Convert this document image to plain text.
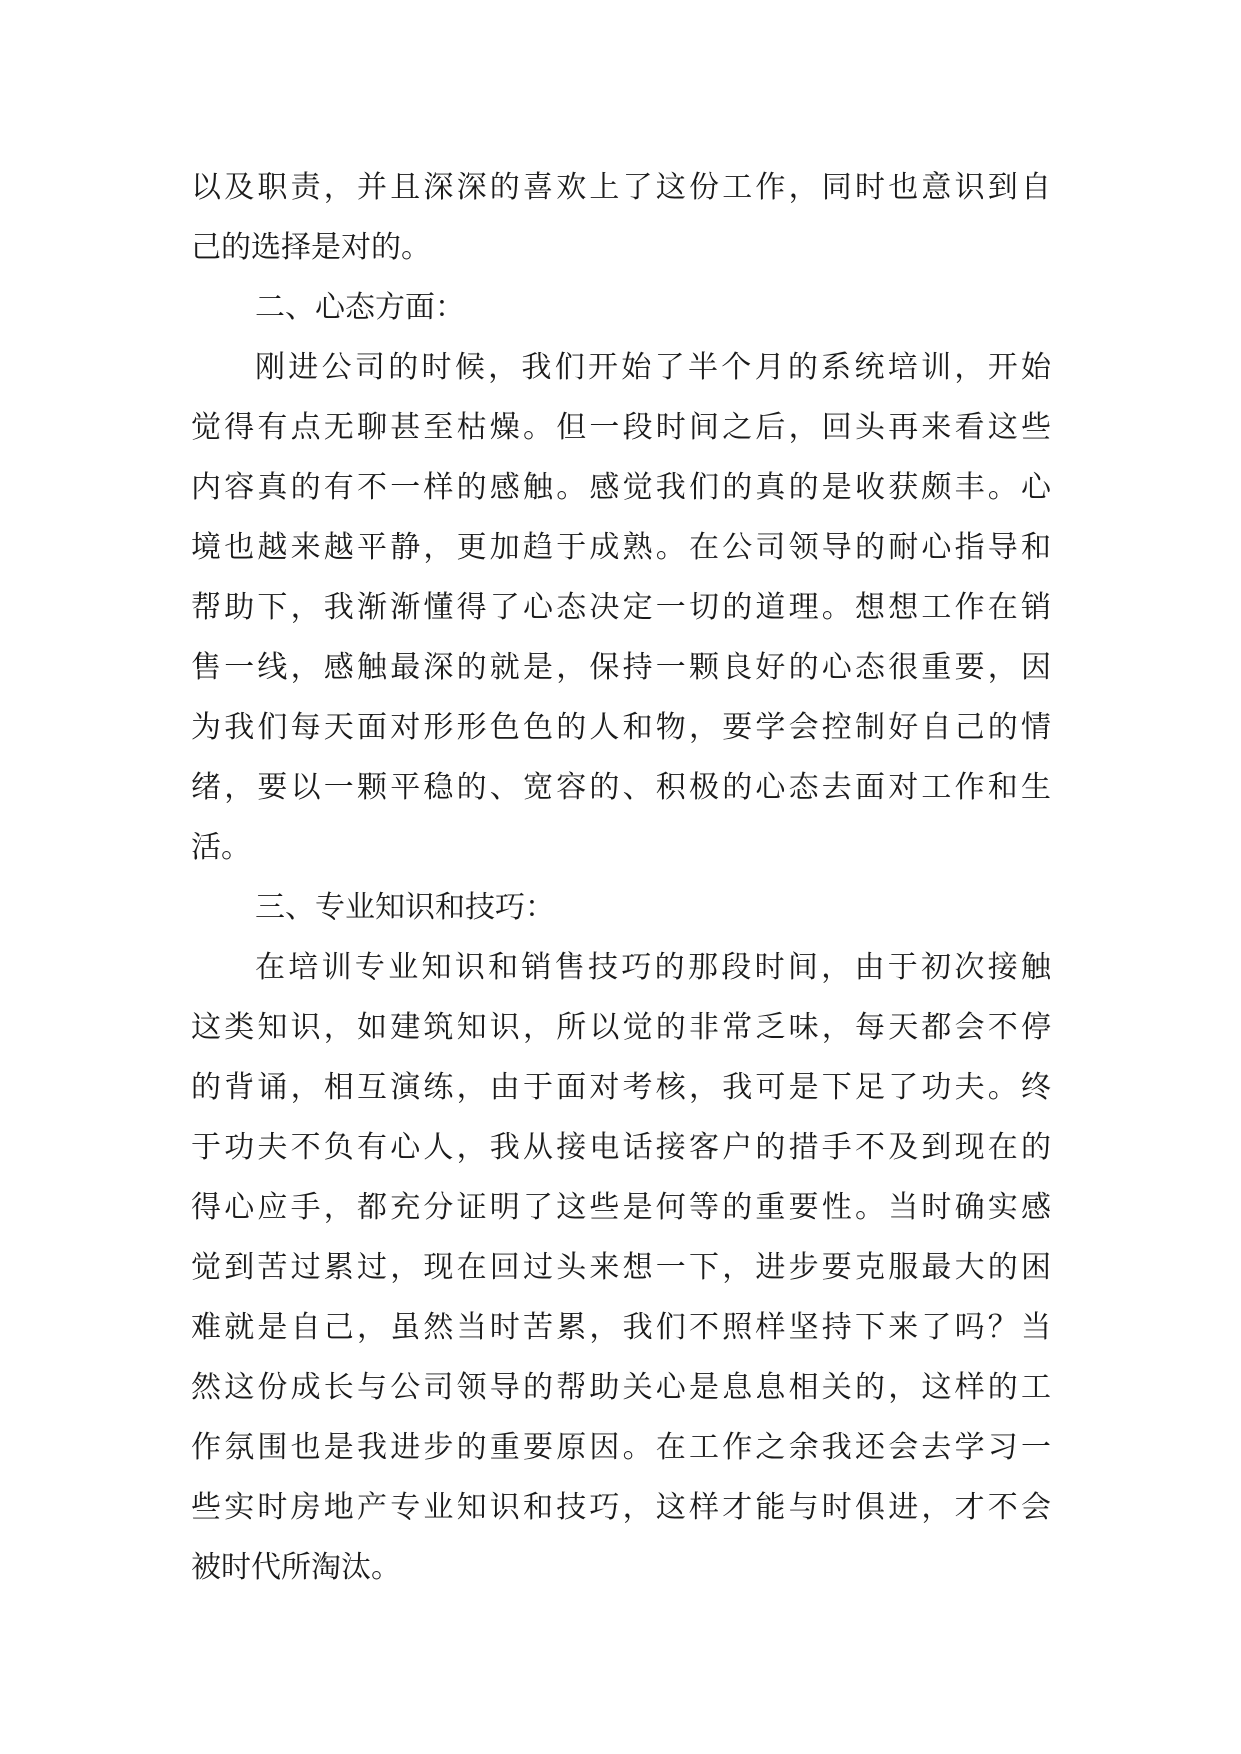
以及职责，并且深深的喜欢上了这份工作，同时也意识到自
己的选择是对的。
二、心态方面：
刚进公司的时候，我们开始了半个月的系统培训，开始
觉得有点无聊甚至枯燥。但一段时间之后，回头再来看这些
内容真的有不一样的感触。感觉我们的真的是收获颇丰。心
境也越来越平静，更加趋于成熟。在公司领导的耐心指导和
帮助下，我渐渐懂得了心态决定一切的道理。想想工作在销
售一线，感触最深的就是，保持一颗良好的心态很重要，因
为我们每天面对形形色色的人和物，要学会控制好自己的情
绪，要以一颗平稳的、宽容的、积极的心态去面对工作和生
活。
三、专业知识和技巧：
在培训专业知识和销售技巧的那段时间，由于初次接触
这类知识，如建筑知识，所以觉的非常乏味，每天都会不停
的背诵，相互演练，由于面对考核，我可是下足了功夫。终
于功夫不负有心人，我从接电话接客户的措手不及到现在的
得心应手，都充分证明了这些是何等的重要性。当时确实感
觉到苦过累过，现在回过头来想一下，进步要克服最大的困
难就是自己，虽然当时苦累，我们不照样坚持下来了吗？当
然这份成长与公司领导的帮助关心是息息相关的，这样的工
作氛围也是我进步的重要原因。在工作之余我还会去学习一
些实时房地产专业知识和技巧，这样才能与时俱进，才不会
被时代所淘汰。
